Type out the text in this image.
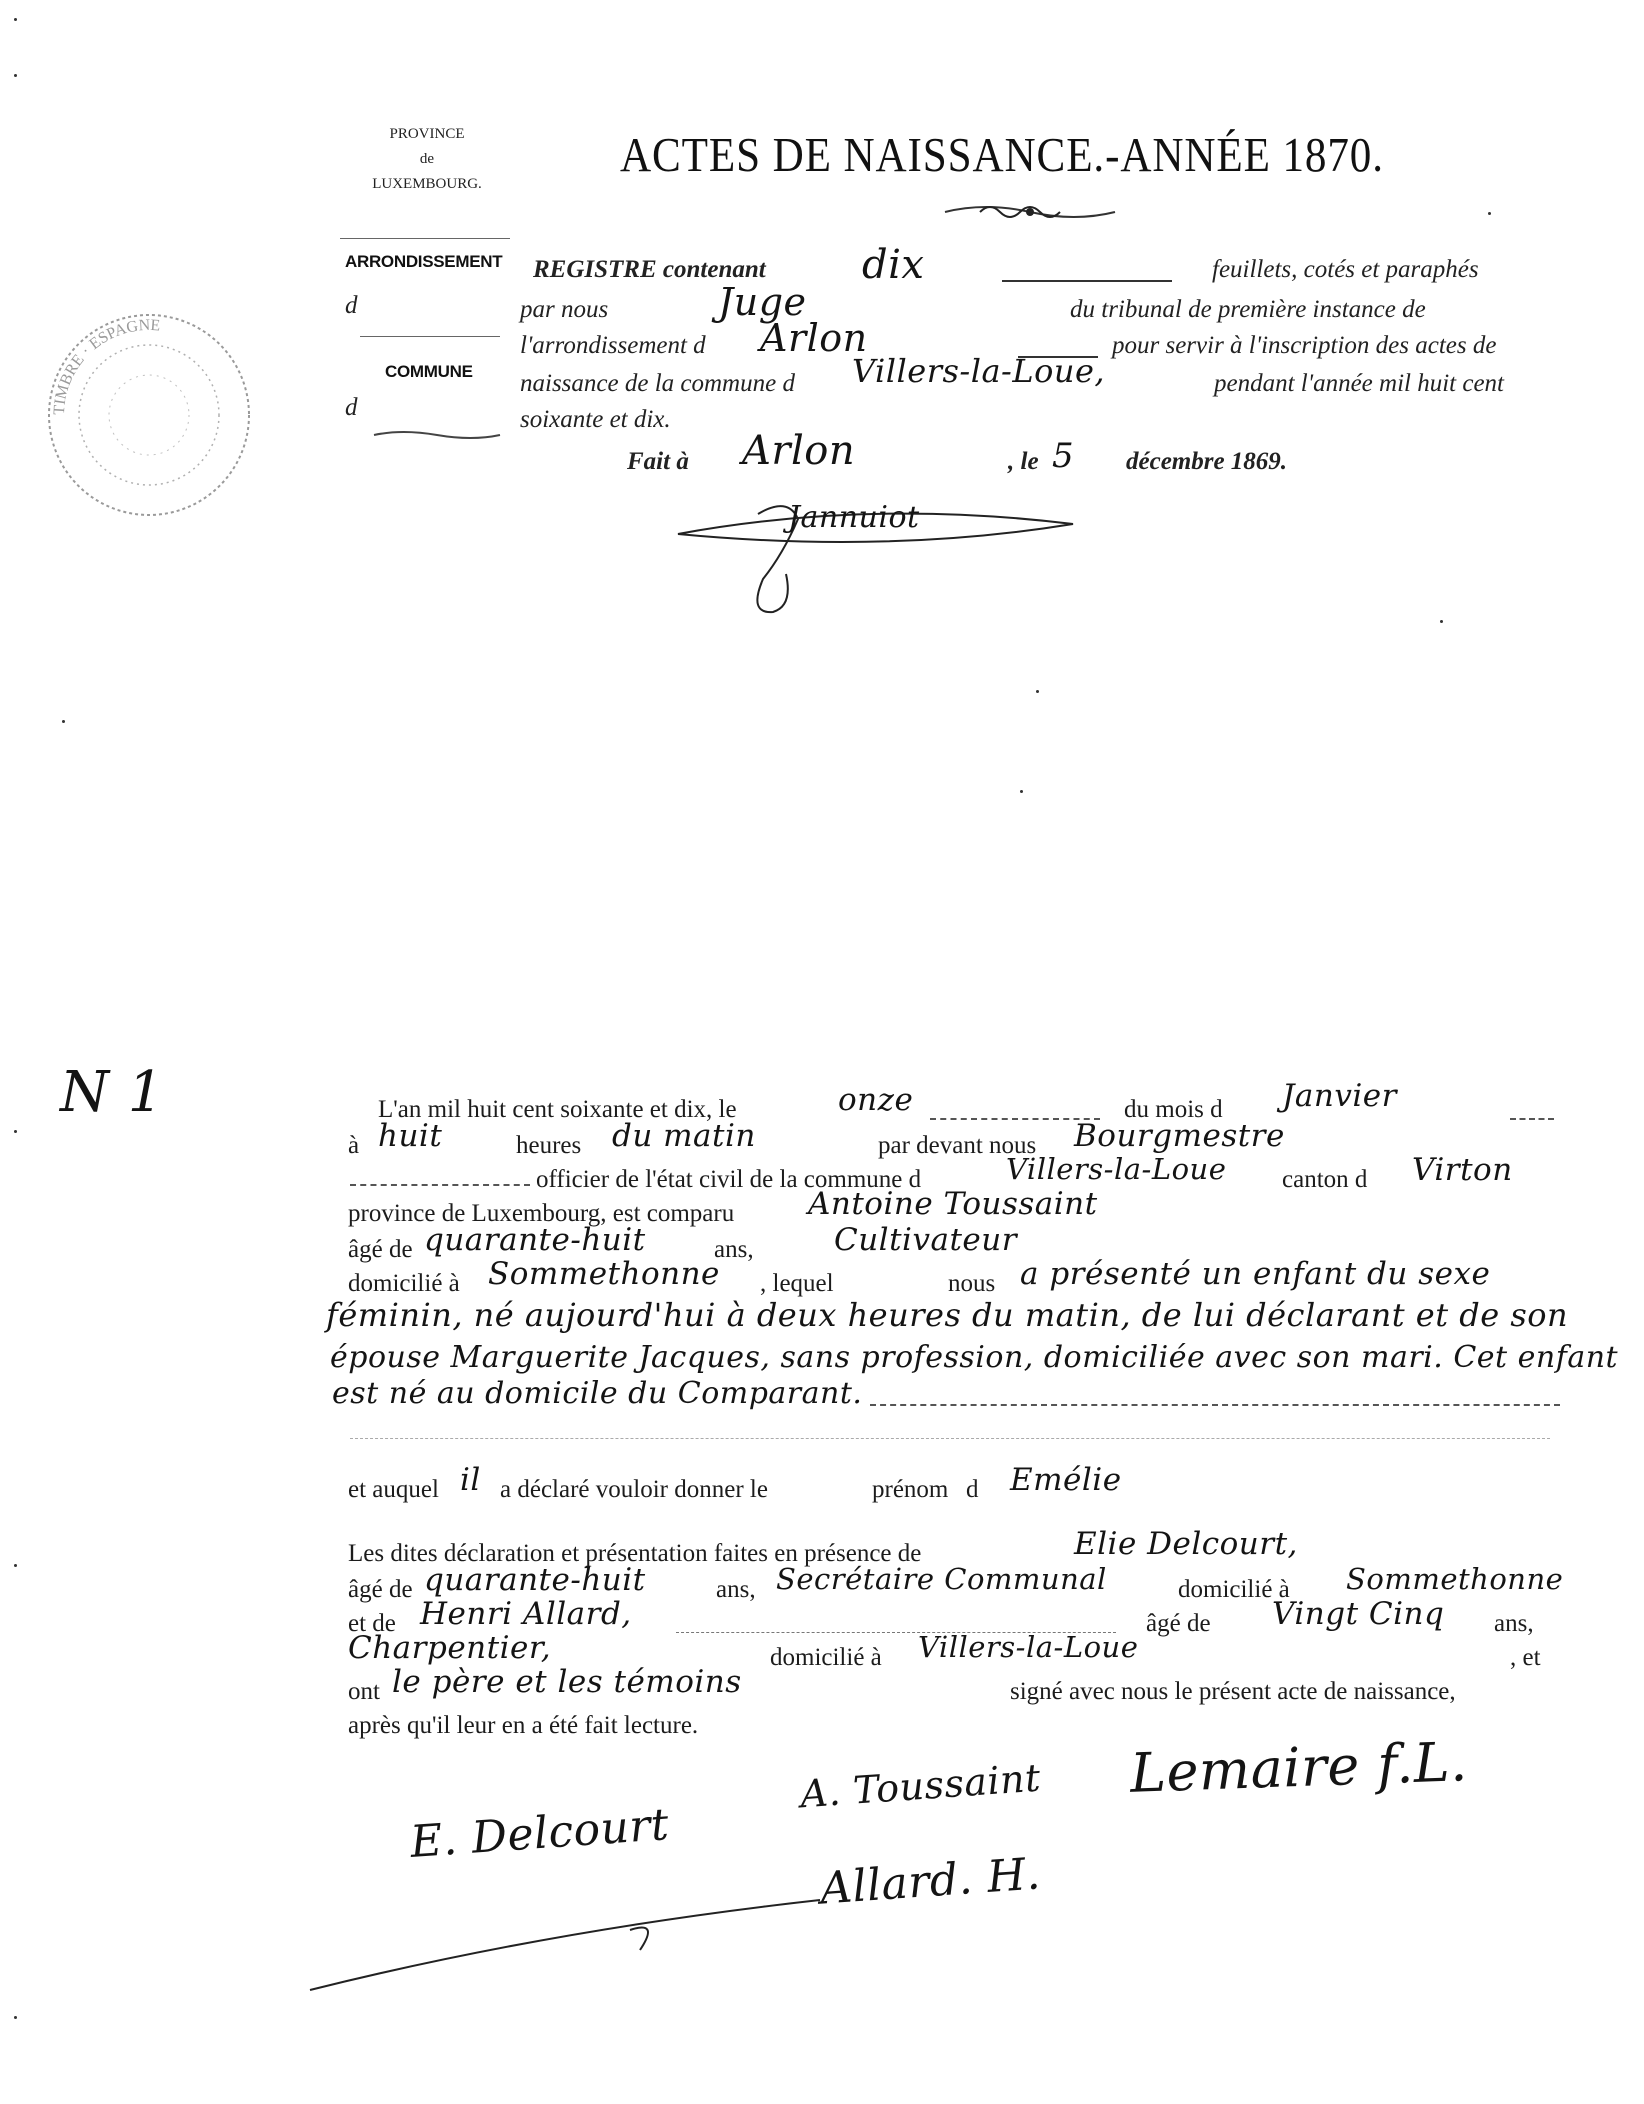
TIMBRE · ESPAGNE
PROVINCE
de
LUXEMBOURG.
ACTES DE NAISSANCE.-ANNÉE 1870.
ARRONDISSEMENT
d
COMMUNE
d
REGISTRE contenant dix	feuillets, cotés et paraphés
par nous	Juge	du tribunal de première instance de
l'arrondissement d Arlon	pour servir à l'inscription des actes de
naissance de la commune d Villers-la-Loue,	pendant l'année mil huit cent
soixante et dix.
Fait à Arlon	, le 5 décembre 1869.
Jannuiot
N 1	L'an mil huit cent soixante et dix, le	onze	du mois d Janvier
à huit	heures du matin	par devant nous Bourgmestre
officier de l'état civil de la commune d	Villers-la-Loue canton d Virton
province de Luxembourg, est comparu Antoine Toussaint
âgé de quarante-huit	ans,	Cultivateur
domicilié à Sommethonne , lequel	nous a présenté un enfant du sexe
féminin, né aujourd'hui à deux heures du matin, de lui déclarant et de son
épouse Marguerite Jacques, sans profession, domiciliée avec son mari. Cet enfant
est né au domicile du Comparant.
et auquel il a déclaré vouloir donner le	prénom d Emélie
Les dites déclaration et présentation faites en présence de	Elie Delcourt,
âgé de quarante-huit	ans, Secrétaire Communal	domicilié à Sommethonne
et de Henri Allard,	âgé de Vingt Cinq ans,
Charpentier,	domicilié à Villers-la-Loue	, et
ont le père et les témoins	signé avec nous le présent acte de naissance,
après qu'il leur en a été fait lecture.
E. Delcourt
A. Toussaint Lemaire f.L.
Allard. H.
